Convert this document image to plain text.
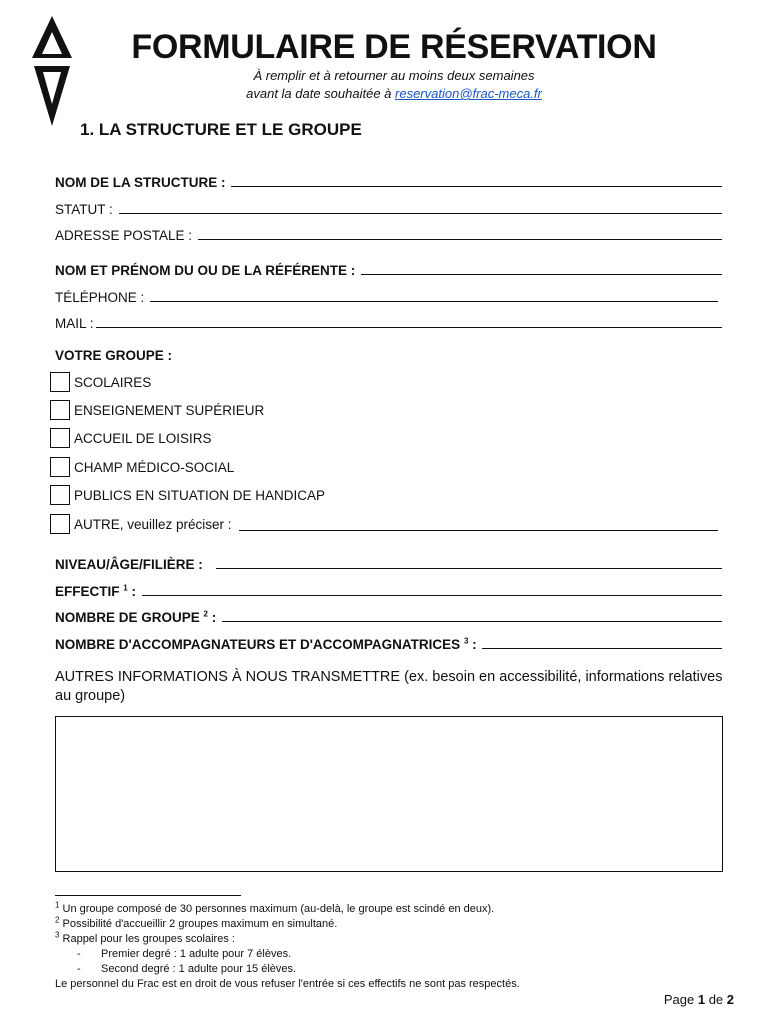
FORMULAIRE DE RÉSERVATION
À remplir et à retourner au moins deux semaines
avant la date souhaitée à reservation@frac-meca.fr
1. LA STRUCTURE ET LE GROUPE
NOM DE LA STRUCTURE :
STATUT :
ADRESSE POSTALE :
NOM ET PRÉNOM DU OU DE LA RÉFÉRENTE :
TÉLÉPHONE :
MAIL :
VOTRE GROUPE :
SCOLAIRES
ENSEIGNEMENT SUPÉRIEUR
ACCUEIL DE LOISIRS
CHAMP MÉDICO-SOCIAL
PUBLICS EN SITUATION DE HANDICAP
AUTRE, veuillez préciser :
NIVEAU/ÂGE/FILIÈRE :
EFFECTIF $^1$ :
NOMBRE DE GROUPE $^2$ :
NOMBRE D'ACCOMPAGNATEURS ET D'ACCOMPAGNATRICES $^3$ :
AUTRES INFORMATIONS À NOUS TRANSMETTRE (ex. besoin en accessibilité, informations relatives au groupe)
$^1$ Un groupe composé de 30 personnes maximum (au-delà, le groupe est scindé en deux).
$^2$ Possibilité d'accueillir 2 groupes maximum en simultané.
$^3$ Rappel pour les groupes scolaires :
- Premier degré : 1 adulte pour 7 élèves.
- Second degré : 1 adulte pour 15 élèves.
Le personnel du Frac est en droit de vous refuser l'entrée si ces effectifs ne sont pas respectés.
Page 1 de 2
